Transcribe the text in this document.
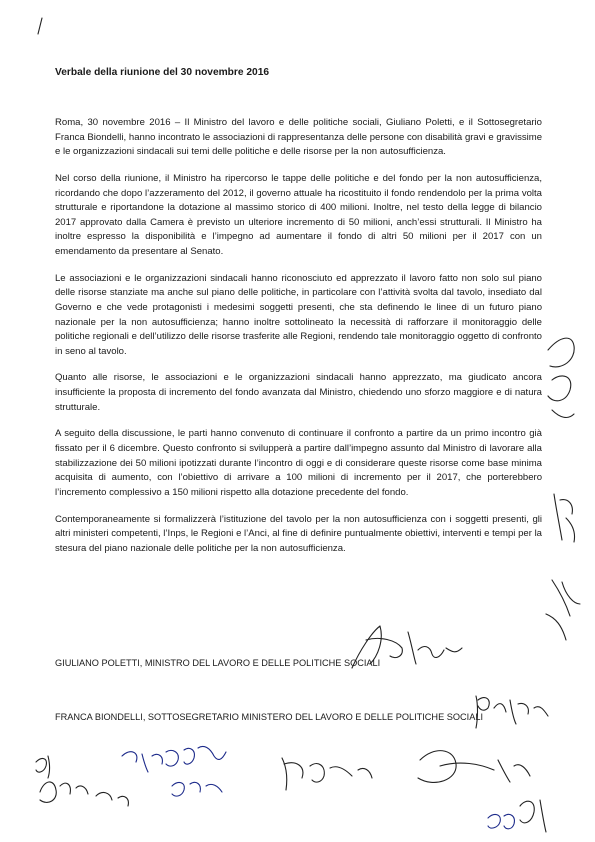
Verbale della riunione del 30 novembre 2016

Roma, 30 novembre 2016 – Il Ministro del lavoro e delle politiche sociali, Giuliano Poletti, e il Sottosegretario Franca Biondelli, hanno incontrato le associazioni di rappresentanza delle persone con disabilità gravi e gravissime e le organizzazioni sindacali sui temi delle politiche e delle risorse per la non autosufficienza.

Nel corso della riunione, il Ministro ha ripercorso le tappe delle politiche e del fondo per la non autosufficienza, ricordando che dopo l’azzeramento del 2012, il governo attuale ha ricostituito il fondo rendendolo per la prima volta strutturale e riportandone la dotazione al massimo storico di 400 milioni. Inoltre, nel testo della legge di bilancio 2017 approvato dalla Camera è previsto un ulteriore incremento di 50 milioni, anch’essi strutturali. Il Ministro ha inoltre espresso la disponibilità e l’impegno ad aumentare il fondo di altri 50 milioni per il 2017 con un emendamento da presentare al Senato.

Le associazioni e le organizzazioni sindacali hanno riconosciuto ed apprezzato il lavoro fatto non solo sul piano delle risorse stanziate ma anche sul piano delle politiche, in particolare con l’attività svolta dal tavolo, insediato dal Governo e che vede protagonisti i medesimi soggetti presenti, che sta definendo le linee di un futuro piano nazionale per la non autosufficienza; hanno inoltre sottolineato la necessità di rafforzare il monitoraggio delle politiche regionali e dell’utilizzo delle risorse trasferite alle Regioni, rendendo tale monitoraggio oggetto di confronto in seno al tavolo.

Quanto alle risorse, le associazioni e le organizzazioni sindacali hanno apprezzato, ma giudicato ancora insufficiente la proposta di incremento del fondo avanzata dal Ministro, chiedendo uno sforzo maggiore e di natura strutturale.

A seguito della discussione, le parti hanno convenuto di continuare il confronto a partire da un primo incontro già fissato per il 6 dicembre. Questo confronto si svilupperà a partire dall’impegno assunto dal Ministro di lavorare alla stabilizzazione dei 50 milioni ipotizzati durante l’incontro di oggi e di considerare queste risorse come base minima acquisita di aumento, con l’obiettivo di arrivare a 100 milioni di incremento per il 2017, che porterebbero l’incremento complessivo a 150 milioni rispetto alla dotazione precedente del fondo.

Contemporaneamente si formalizzerà l’istituzione del tavolo per la non autosufficienza con i soggetti presenti, gli altri ministeri competenti, l’Inps, le Regioni e l’Anci, al fine di definire puntualmente obiettivi, interventi e tempi per la stesura del piano nazionale delle politiche per la non autosufficienza.

GIULIANO POLETTI, MINISTRO DEL LAVORO E DELLE POLITICHE SOCIALI
FRANCA BIONDELLI, SOTTOSEGRETARIO MINISTERO DEL LAVORO E DELLE POLITICHE SOCIALI
